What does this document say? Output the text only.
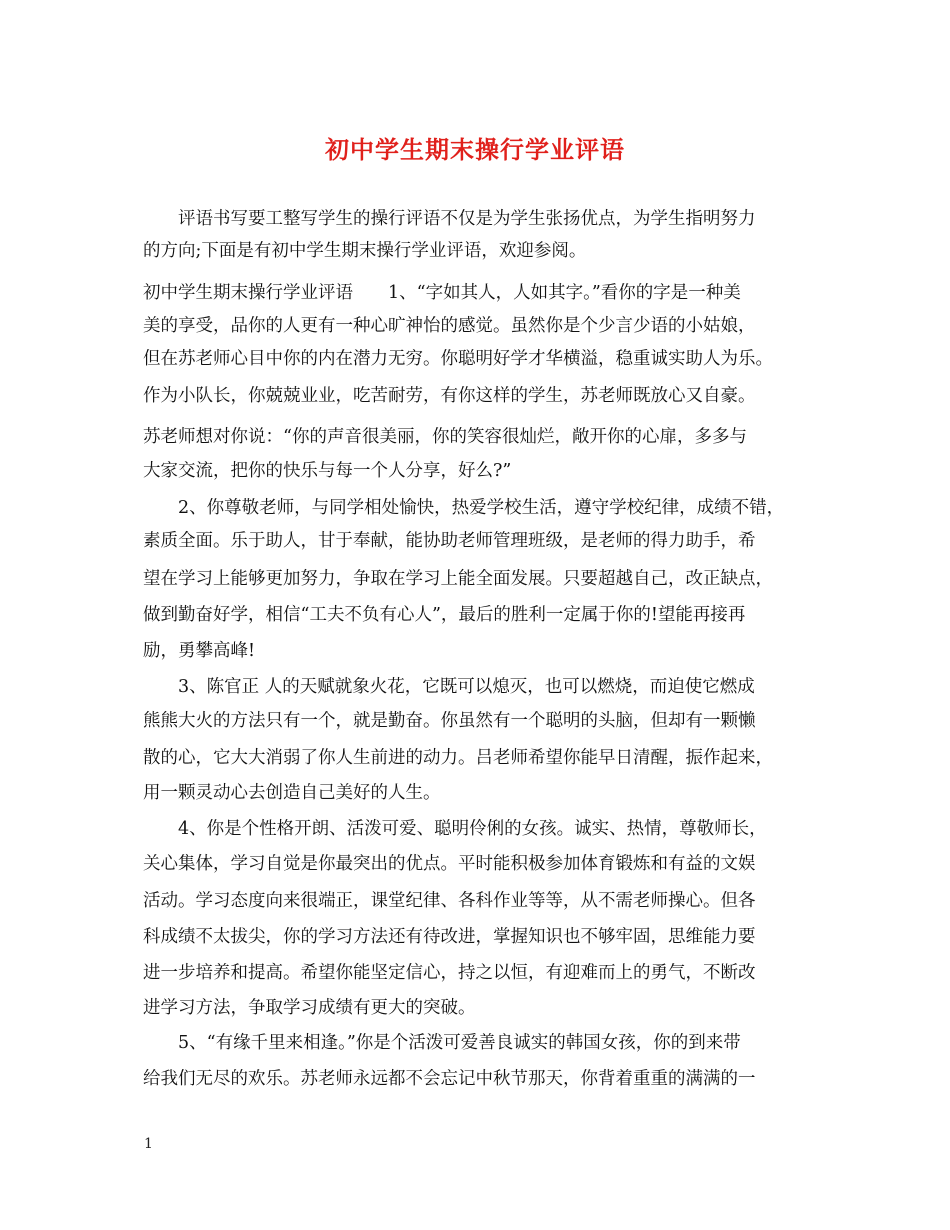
初中学生期末操行学业评语
评语书写要工整写学生的操行评语不仅是为学生张扬优点，为学生指明努力
的方向;下面是有初中学生期末操行学业评语，欢迎参阅。
初中学生期末操行学业评语　　1、“字如其人，人如其字。”看你的字是一种美
美的享受，品你的人更有一种心旷神怡的感觉。虽然你是个少言少语的小姑娘，
但在苏老师心目中你的内在潜力无穷。你聪明好学才华横溢，稳重诚实助人为乐。
作为小队长，你兢兢业业，吃苦耐劳，有你这样的学生，苏老师既放心又自豪。
苏老师想对你说：“你的声音很美丽，你的笑容很灿烂，敞开你的心扉，多多与
大家交流，把你的快乐与每一个人分享，好么?”
2、你尊敬老师，与同学相处愉快，热爱学校生活，遵守学校纪律，成绩不错，
素质全面。乐于助人，甘于奉献，能协助老师管理班级，是老师的得力助手，希
望在学习上能够更加努力，争取在学习上能全面发展。只要超越自己，改正缺点，
做到勤奋好学，相信“工夫不负有心人”，最后的胜利一定属于你的!望能再接再
励，勇攀高峰!
3、陈官正 人的天赋就象火花，它既可以熄灭，也可以燃烧，而迫使它燃成
熊熊大火的方法只有一个，就是勤奋。你虽然有一个聪明的头脑，但却有一颗懒
散的心，它大大消弱了你人生前进的动力。吕老师希望你能早日清醒，振作起来，
用一颗灵动心去创造自己美好的人生。
4、你是个性格开朗、活泼可爱、聪明伶俐的女孩。诚实、热情，尊敬师长，
关心集体，学习自觉是你最突出的优点。平时能积极参加体育锻炼和有益的文娱
活动。学习态度向来很端正，课堂纪律、各科作业等等，从不需老师操心。但各
科成绩不太拔尖，你的学习方法还有待改进，掌握知识也不够牢固，思维能力要
进一步培养和提高。希望你能坚定信心，持之以恒，有迎难而上的勇气，不断改
进学习方法，争取学习成绩有更大的突破。
5、“有缘千里来相逢。”你是个活泼可爱善良诚实的韩国女孩，你的到来带
给我们无尽的欢乐。苏老师永远都不会忘记中秋节那天，你背着重重的满满的一
1
